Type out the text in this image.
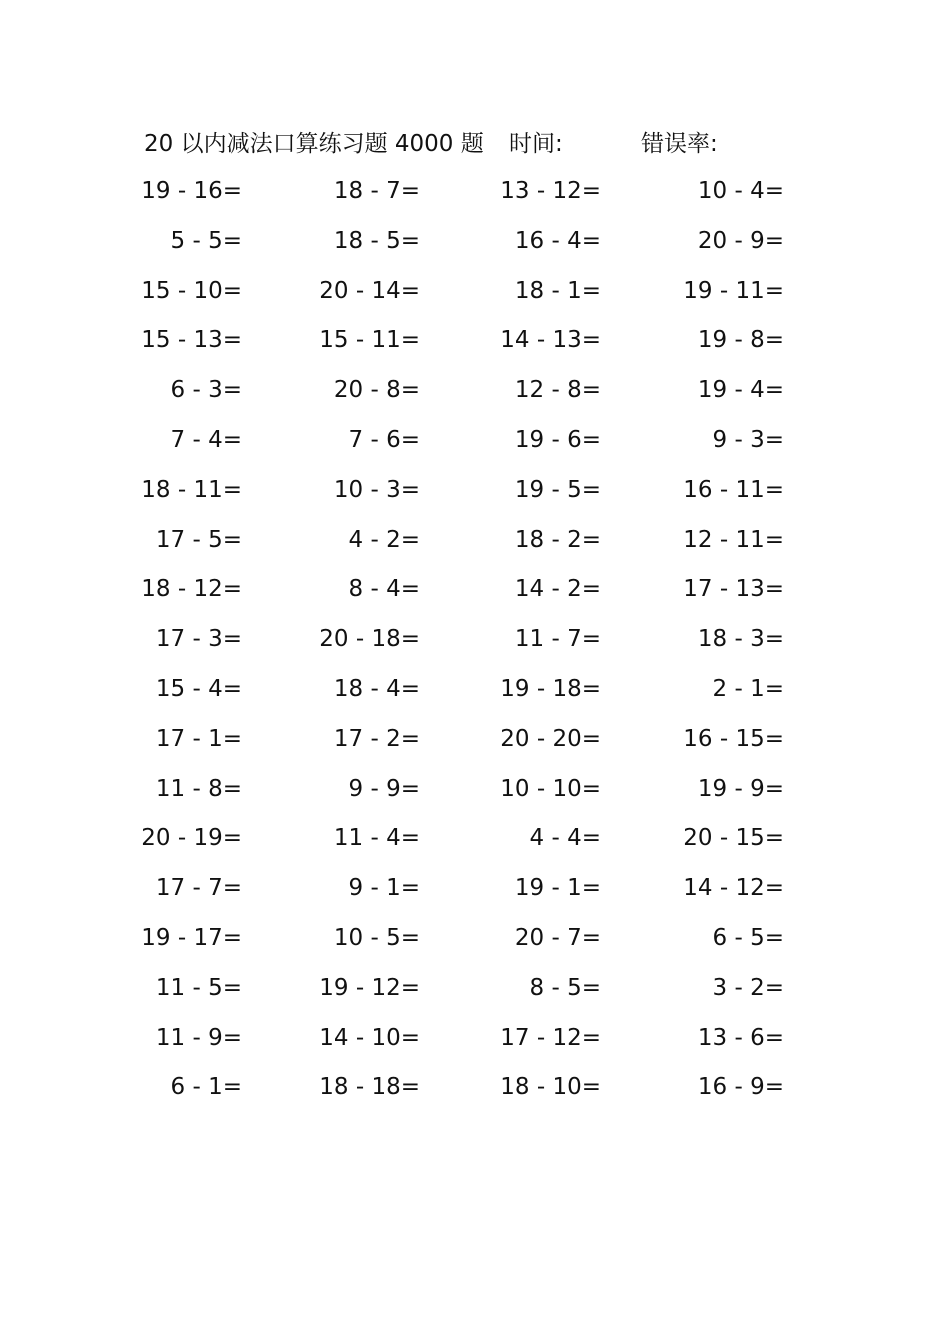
20 以内减法口算练习题 4000 题 时间:	错误率:
19 - 16=	18 - 7=	13 - 12=	10 - 4=
5 - 5=	18 - 5=	16 - 4=	20 - 9=
15 - 10=	20 - 14=	18 - 1=	19 - 11=
15 - 13=	15 - 11=	14 - 13=	19 - 8=
6 - 3=	20 - 8=	12 - 8=	19 - 4=
7 - 4=	7 - 6=	19 - 6=	9 - 3=
18 - 11=	10 - 3=	19 - 5=	16 - 11=
17 - 5=	4 - 2=	18 - 2=	12 - 11=
18 - 12=	8 - 4=	14 - 2=	17 - 13=
17 - 3=	20 - 18=	11 - 7=	18 - 3=
15 - 4=	18 - 4=	19 - 18=	2 - 1=
17 - 1=	17 - 2=	20 - 20=	16 - 15=
11 - 8=	9 - 9=	10 - 10=	19 - 9=
20 - 19=	11 - 4=	4 - 4=	20 - 15=
17 - 7=	9 - 1=	19 - 1=	14 - 12=
19 - 17=	10 - 5=	20 - 7=	6 - 5=
11 - 5=	19 - 12=	8 - 5=	3 - 2=
11 - 9=	14 - 10=	17 - 12=	13 - 6=
6 - 1=	18 - 18=	18 - 10=	16 - 9=
